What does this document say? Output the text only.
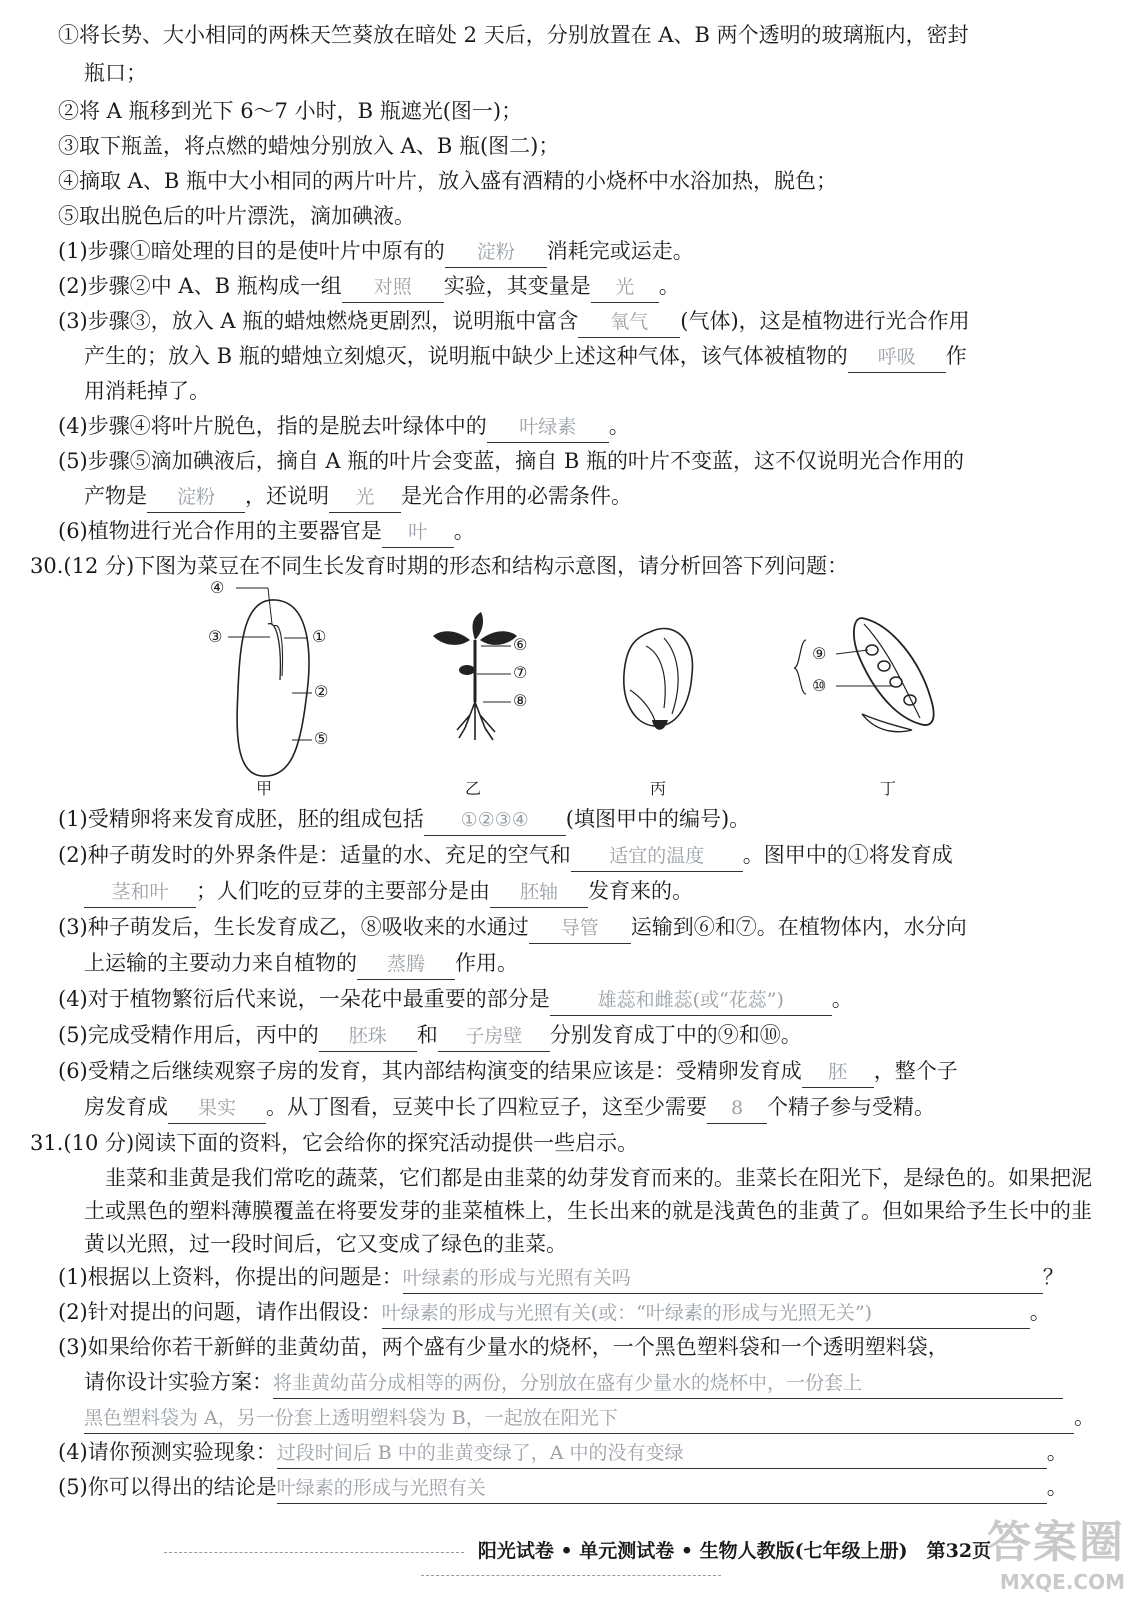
①将长势、大小相同的两株天竺葵放在暗处 2 天后，分别放置在 A、B 两个透明的玻璃瓶内，密封
瓶口；
②将 A 瓶移到光下 6～7 小时，B 瓶遮光(图一)；
③取下瓶盖，将点燃的蜡烛分别放入 A、B 瓶(图二)；
④摘取 A、B 瓶中大小相同的两片叶片，放入盛有酒精的小烧杯中水浴加热，脱色；
⑤取出脱色后的叶片漂洗，滴加碘液。
(1)步骤①暗处理的目的是使叶片中原有的 淀粉 消耗完或运走。
(2)步骤②中 A、B 瓶构成一组 对照 实验，其变量是 光 。
(3)步骤③，放入 A 瓶的蜡烛燃烧更剧烈，说明瓶中富含 氧气 (气体)，这是植物进行光合作用
产生的；放入 B 瓶的蜡烛立刻熄灭，说明瓶中缺少上述这种气体，该气体被植物的 呼吸 作
用消耗掉了。
(4)步骤④将叶片脱色，指的是脱去叶绿体中的 叶绿素 。
(5)步骤⑤滴加碘液后，摘自 A 瓶的叶片会变蓝，摘自 B 瓶的叶片不变蓝，这不仅说明光合作用的
产物是 淀粉 ，还说明 光 是光合作用的必需条件。
(6)植物进行光合作用的主要器官是 叶 。
30.(12 分)下图为菜豆在不同生长发育时期的形态和结构示意图，请分析回答下列问题：
④
③	①
②
⑤
甲
⑥
⑦
⑧
乙	丙
⑨
⑩
丁
(1)受精卵将来发育成胚，胚的组成包括 ①②③④ (填图甲中的编号)。
(2)种子萌发时的外界条件是：适量的水、充足的空气和 适宜的温度 。图甲中的①将发育成
茎和叶 ；人们吃的豆芽的主要部分是由 胚轴 发育来的。
(3)种子萌发后，生长发育成乙，⑧吸收来的水通过 导管 运输到⑥和⑦。在植物体内，水分向
上运输的主要动力来自植物的 蒸腾 作用。
(4)对于植物繁衍后代来说，一朵花中最重要的部分是	雄蕊和雌蕊(或“花蕊”) 。
(5)完成受精作用后，丙中的 胚珠 和 子房壁 分别发育成丁中的⑨和⑩。
(6)受精之后继续观察子房的发育，其内部结构演变的结果应该是：受精卵发育成 胚 ，整个子
房发育成 果实 。从丁图看，豆荚中长了四粒豆子，这至少需要 8 个精子参与受精。
31.(10 分)阅读下面的资料，它会给你的探究活动提供一些启示。
韭菜和韭黄是我们常吃的蔬菜，它们都是由韭菜的幼芽发育而来的。韭菜长在阳光下，是绿色的。如果把泥土或黑色的塑料薄膜覆盖在将要发芽的韭菜植株上，生长出来的就是浅黄色的韭黄了。但如果给予生长中的韭黄以光照，过一段时间后，它又变成了绿色的韭菜。
(1)根据以上资料，你提出的问题是：叶绿素的形成与光照有关吗	？
(2)针对提出的问题，请作出假设：叶绿素的形成与光照有关(或：“叶绿素的形成与光照无关”)	。
(3)如果给你若干新鲜的韭黄幼苗，两个盛有少量水的烧杯，一个黑色塑料袋和一个透明塑料袋，
请你设计实验方案：将韭黄幼苗分成相等的两份，分别放在盛有少量水的烧杯中，一份套上
黑色塑料袋为 A，另一份套上透明塑料袋为 B，一起放在阳光下	。
(4)请你预测实验现象：过段时间后 B 中的韭黄变绿了，A 中的没有变绿	。
(5)你可以得出的结论是叶绿素的形成与光照有关	。
阳光试卷 • 单元测试卷 • 生物人教版(七年级上册)　第32页
答案圈
MXQE.COM
